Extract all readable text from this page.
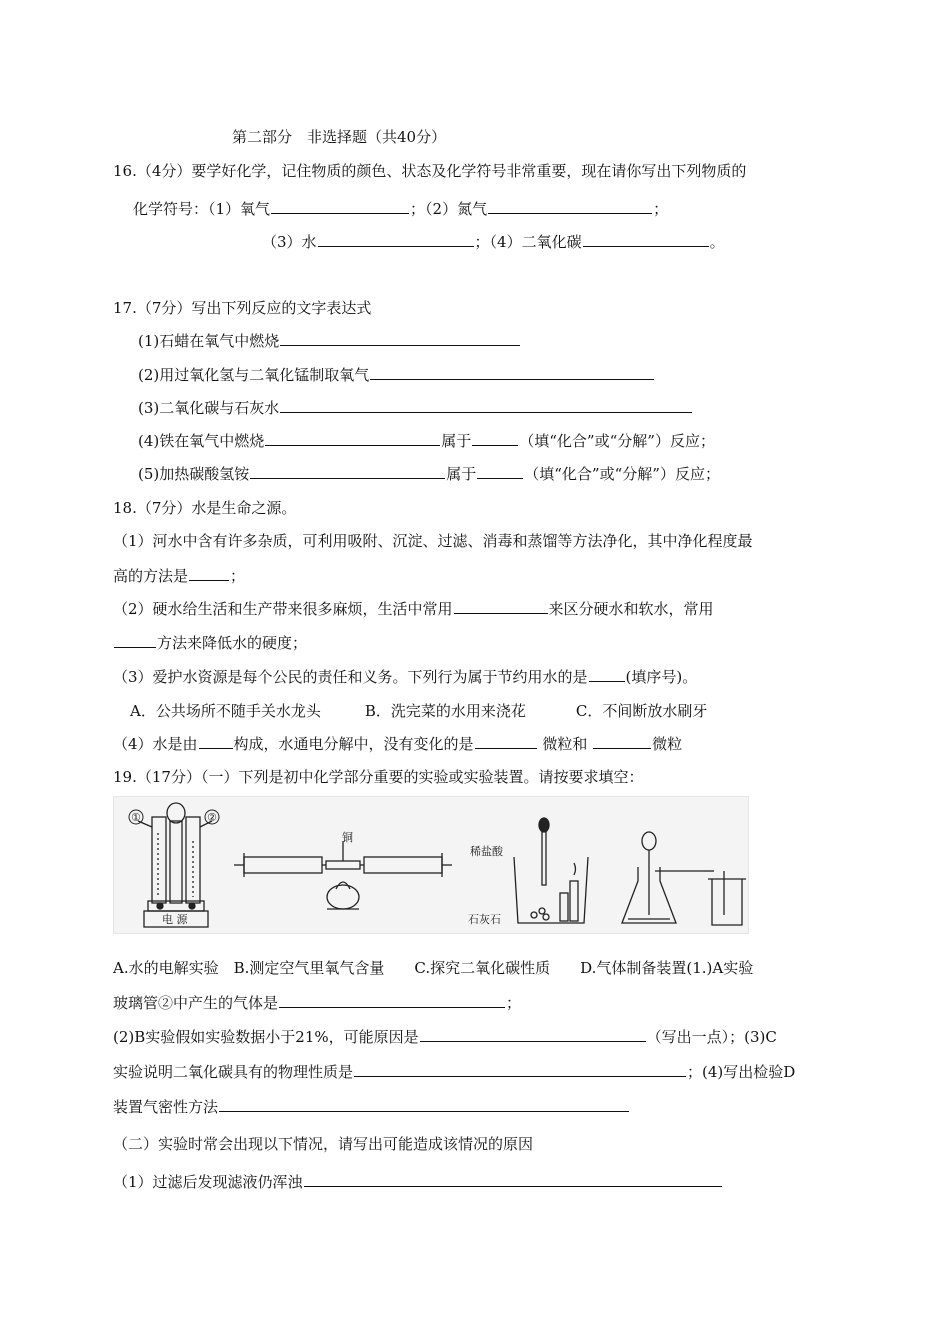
第二部分　非选择题（共40分）
16.（4分）要学好化学，记住物质的颜色、状态及化学符号非常重要，现在请你写出下列物质的
化学符号：（1）氧气	；（2）氮气	；
（3）水	；（4）二氧化碳	。
17.（7分）写出下列反应的文字表达式
(1)石蜡在氧气中燃烧
(2)用过氧化氢与二氧化锰制取氧气
(3)二氧化碳与石灰水
(4)铁在氧气中燃烧	属于	（填“化合”或“分解”）反应；
(5)加热碳酸氢铵	属于	（填“化合”或“分解”）反应；
18.（7分）水是生命之源。
（1）河水中含有许多杂质，可利用吸附、沉淀、过滤、消毒和蒸馏等方法净化，其中净化程度最
高的方法是	；
（2）硬水给生活和生产带来很多麻烦，生活中常用	来区分硬水和软水，常用
方法来降低水的硬度；
（3）爱护水资源是每个公民的责任和义务。下列行为属于节约用水的是	(填序号)。
A．公共场所不随手关水龙头	B．洗完菜的水用来浇花	C．不间断放水刷牙
（4）水是由 构成，水通电分解中，没有变化的是	微粒和	微粒
19.（17分）（一）下列是初中化学部分重要的实验或实验装置。请按要求填空：
①	②
电 源
铜
稀盐酸
石灰石
A.水的电解实验　B.测定空气里氧气含量　　C.探究二氧化碳性质　　D.气体制备装置(1.)A实验
玻璃管②中产生的气体是	；
(2)B实验假如实验数据小于21%，可能原因是	（写出一点）；(3)C
实验说明二氧化碳具有的物理性质是	；(4)写出检验D
装置气密性方法
（二）实验时常会出现以下情况，请写出可能造成该情况的原因
（1）过滤后发现滤液仍浑浊
